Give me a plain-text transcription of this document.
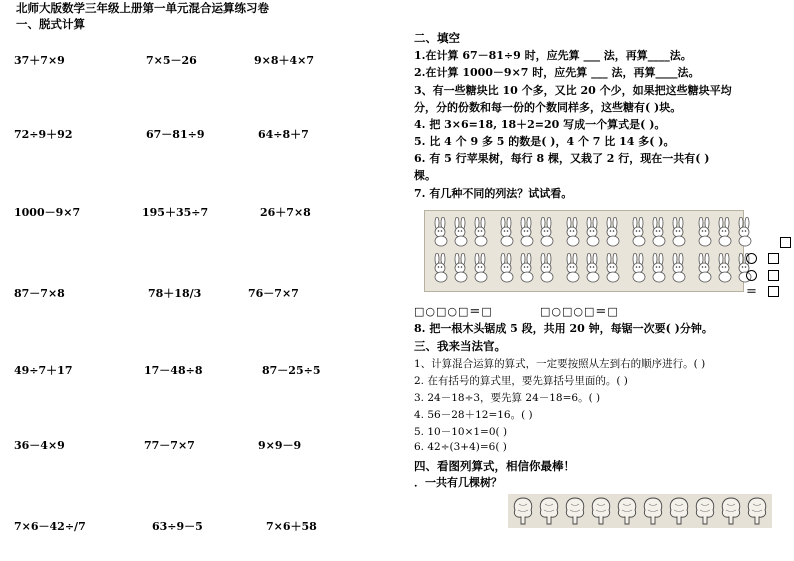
北师大版数学三年级上册第一单元混合运算练习卷
一、脱式计算
37＋7×9	7×5－26	9×8＋4×7
72÷9＋92	67－81÷9	64÷8＋7
1000－9×7	195＋35÷7	26＋7×8
87－7×8	78＋18/3	76－7×7
49÷7＋17	17－48÷8	87－25÷5
36－4×9	77－7×7	9×9－9
7×6－42÷/7	63÷9－5	7×6＋58
二、填空
1.在计算 67－81÷9 时，应先算 ___ 法，再算____法。
2.在计算 1000－9×7 时，应先算 ___ 法，再算____法。
3、有一些糖块比 10 个多，又比 20 个少，如果把这些糖块平均
分，分的份数和每一份的个数同样多，这些糖有( )块。
4. 把 3×6=18, 18＋2=20 写成一个算式是( )。
5. 比 4 个 9 多 5 的数是( )，4 个 7 比 14 多( )。
6. 有 5 行苹果树，每行 8 棵，又栽了 2 行，现在一共有( )
棵。
7. 有几种不同的列法？试试看。
＝
□○□○□＝□	□○□○□＝□
8. 把一根木头锯成 5 段，共用 20 钟，每锯一次要( )分钟。
三、我来当法官。
1、计算混合运算的算式，一定要按照从左到右的顺序进行。( )
2. 在有括号的算式里，要先算括号里面的。( )
3. 24－18÷3，要先算 24－18=6。( )
4. 56－28＋12=16。( )
5. 10－10×1=0( )
6. 42÷(3+4)=6( )
四、看图列算式，相信你最棒！
．一共有几棵树？
